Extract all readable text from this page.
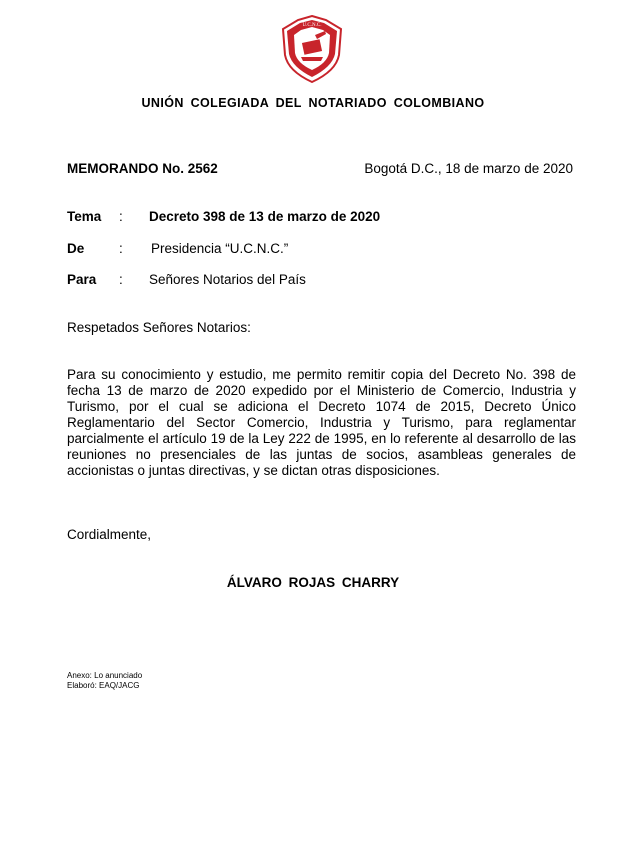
U.C.N.C.
UNIÓN COLEGIADA DEL NOTARIADO COLOMBIANO
MEMORANDO No. 2562	Bogotá D.C., 18 de marzo de 2020
Tema : Decreto 398 de 13 de marzo de 2020
De	: Presidencia “U.C.N.C.”
Para : Señores Notarios del País
Respetados Señores Notarios:
Para su conocimiento y estudio, me permito remitir copia del Decreto No. 398 de fecha 13 de marzo de 2020 expedido por el Ministerio de Comercio, Industria y Turismo, por el cual se adiciona el Decreto 1074 de 2015, Decreto Único Reglamentario del Sector Comercio, Industria y Turismo, para reglamentar parcialmente el artículo 19 de la Ley 222 de 1995, en lo referente al desarrollo de las reuniones no presenciales de las juntas de socios, asambleas generales de accionistas o juntas directivas, y se dictan otras disposiciones.
Cordialmente,
ÁLVARO ROJAS CHARRY
Anexo: Lo anunciado
Elaboró: EAQ/JACG
